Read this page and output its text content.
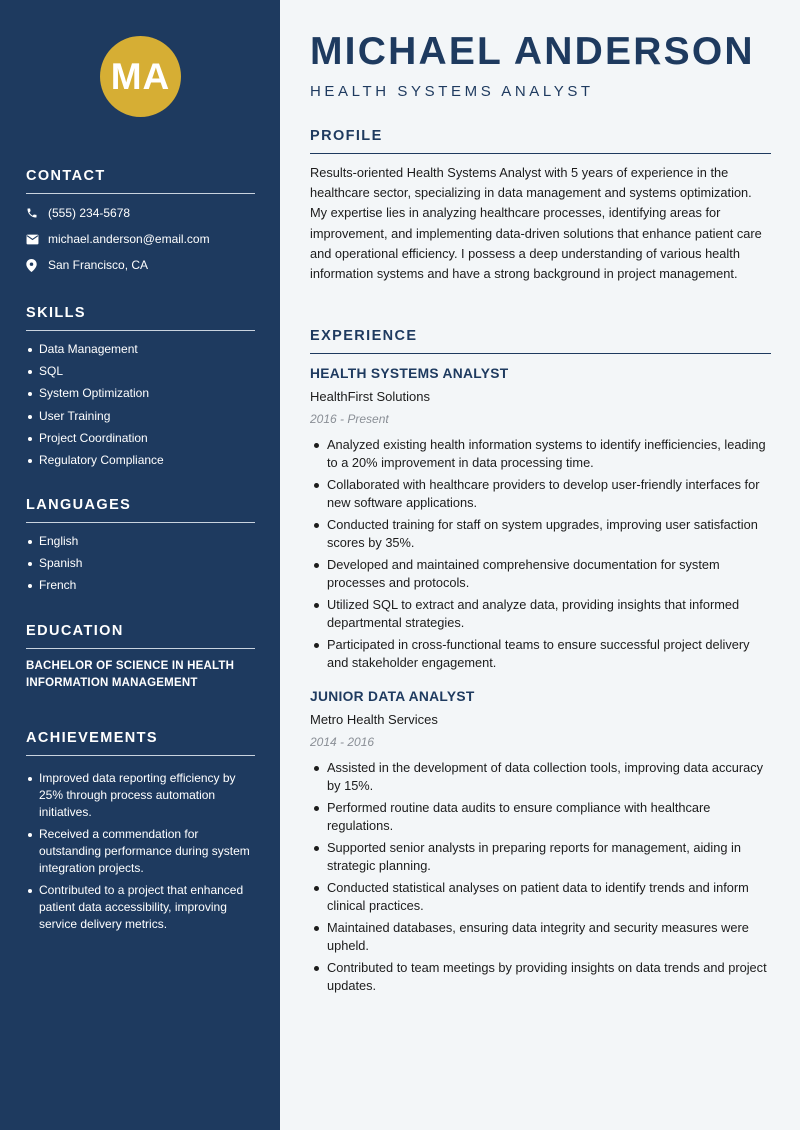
MA
CONTACT
(555) 234-5678
michael.anderson@email.com
San Francisco, CA
SKILLS
Data Management
SQL
System Optimization
User Training
Project Coordination
Regulatory Compliance
LANGUAGES
English
Spanish
French
EDUCATION
BACHELOR OF SCIENCE IN HEALTH INFORMATION MANAGEMENT
ACHIEVEMENTS
Improved data reporting efficiency by 25% through process automation initiatives.
Received a commendation for outstanding performance during system integration projects.
Contributed to a project that enhanced patient data accessibility, improving service delivery metrics.
MICHAEL ANDERSON
HEALTH SYSTEMS ANALYST
PROFILE

Results-oriented Health Systems Analyst with 5 years of experience in the healthcare sector, specializing in data management and systems optimization. My expertise lies in analyzing healthcare processes, identifying areas for improvement, and implementing data-driven solutions that enhance patient care and operational efficiency. I possess a deep understanding of various health information systems and have a strong background in project management.

EXPERIENCE
HEALTH SYSTEMS ANALYST
HealthFirst Solutions
2016 - Present
Analyzed existing health information systems to identify inefficiencies, leading to a 20% improvement in data processing time.
Collaborated with healthcare providers to develop user-friendly interfaces for new software applications.
Conducted training for staff on system upgrades, improving user satisfaction scores by 35%.
Developed and maintained comprehensive documentation for system processes and protocols.
Utilized SQL to extract and analyze data, providing insights that informed departmental strategies.
Participated in cross-functional teams to ensure successful project delivery and stakeholder engagement.
JUNIOR DATA ANALYST
Metro Health Services
2014 - 2016
Assisted in the development of data collection tools, improving data accuracy by 15%.
Performed routine data audits to ensure compliance with healthcare regulations.
Supported senior analysts in preparing reports for management, aiding in strategic planning.
Conducted statistical analyses on patient data to identify trends and inform clinical practices.
Maintained databases, ensuring data integrity and security measures were upheld.
Contributed to team meetings by providing insights on data trends and project updates.
